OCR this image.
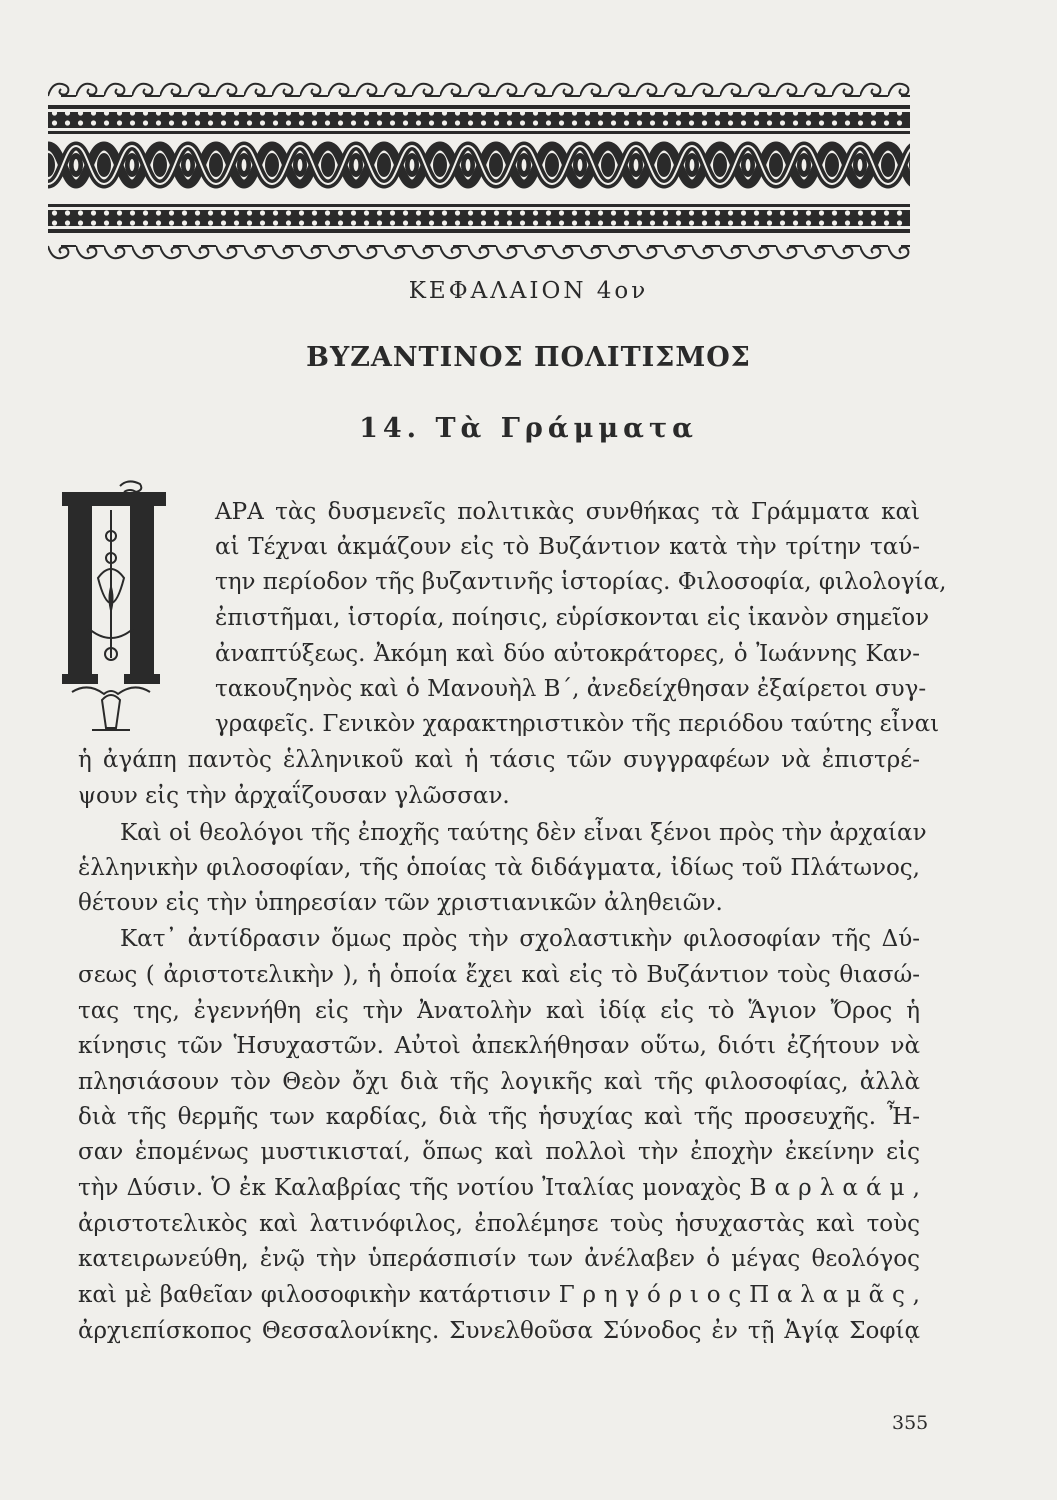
ΚΕΦΑΛΑΙΟΝ 4ον
ΒΥΖΑΝΤΙΝΟΣ ΠΟΛΙΤΙΣΜΟΣ
14. Τὰ Γράμματα
ΑΡΑ τὰς δυσμενεῖς πολιτικὰς συνθήκας τὰ Γράμματα καὶ
αἱ Τέχναι ἀκμάζουν εἰς τὸ Βυζάντιον κατὰ τὴν τρίτην ταύ-
την περίοδον τῆς βυζαντινῆς ἱστορίας. Φιλοσοφία, φιλολογία,
ἐπιστῆμαι, ἱστορία, ποίησις, εὑρίσκονται εἰς ἱκανὸν σημεῖον
ἀναπτύξεως. Ἀκόμη καὶ δύο αὐτοκράτορες, ὁ Ἰωάννης Καν-
τακουζηνὸς καὶ ὁ Μανουὴλ Β΄, ἀνεδείχθησαν ἐξαίρετοι συγ-
γραφεῖς. Γενικὸν χαρακτηριστικὸν τῆς περιόδου ταύτης εἶναι
ἡ ἀγάπη παντὸς ἑλληνικοῦ καὶ ἡ τάσις τῶν συγγραφέων νὰ ἐπιστρέ-
ψουν εἰς τὴν ἀρχαΐζουσαν γλῶσσαν.
Καὶ οἱ θεολόγοι τῆς ἐποχῆς ταύτης δὲν εἶναι ξένοι πρὸς τὴν ἀρχαίαν
ἑλληνικὴν φιλοσοφίαν, τῆς ὁποίας τὰ διδάγματα, ἰδίως τοῦ Πλάτωνος,
θέτουν εἰς τὴν ὑπηρεσίαν τῶν χριστιανικῶν ἀληθειῶν.
Κατ᾽ ἀντίδρασιν ὅμως πρὸς τὴν σχολαστικὴν φιλοσοφίαν τῆς Δύ-
σεως ( ἀριστοτελικὴν ), ἡ ὁποία ἔχει καὶ εἰς τὸ Βυζάντιον τοὺς θιασώ-
τας της, ἐγεννήθη εἰς τὴν Ἀνατολὴν καὶ ἰδίᾳ εἰς τὸ Ἅγιον Ὄρος ἡ
κίνησις τῶν Ἡσυχαστῶν. Αὐτοὶ ἀπεκλήθησαν οὕτω, διότι ἐζήτουν νὰ
πλησιάσουν τὸν Θεὸν ὄχι διὰ τῆς λογικῆς καὶ τῆς φιλοσοφίας, ἀλλὰ
διὰ τῆς θερμῆς των καρδίας, διὰ τῆς ἡσυχίας καὶ τῆς προσευχῆς. Ἦ-
σαν ἑπομένως μυστικισταί, ὅπως καὶ πολλοὶ τὴν ἐποχὴν ἐκείνην εἰς
τὴν Δύσιν. Ὁ ἐκ Καλαβρίας τῆς νοτίου Ἰταλίας μοναχὸς Β α ρ λ α ά μ ,
ἀριστοτελικὸς καὶ λατινόφιλος, ἐπολέμησε τοὺς ἡσυχαστὰς καὶ τοὺς
κατειρωνεύθη, ἐνῷ τὴν ὑπεράσπισίν των ἀνέλαβεν ὁ μέγας θεολόγος
καὶ μὲ βαθεῖαν φιλοσοφικὴν κατάρτισιν Γ ρ η γ ό ρ ι ο ς Π α λ α μ ᾶ ς ,
ἀρχιεπίσκοπος Θεσσαλονίκης. Συνελθοῦσα Σύνοδος ἐν τῇ Ἁγίᾳ Σοφίᾳ
355
